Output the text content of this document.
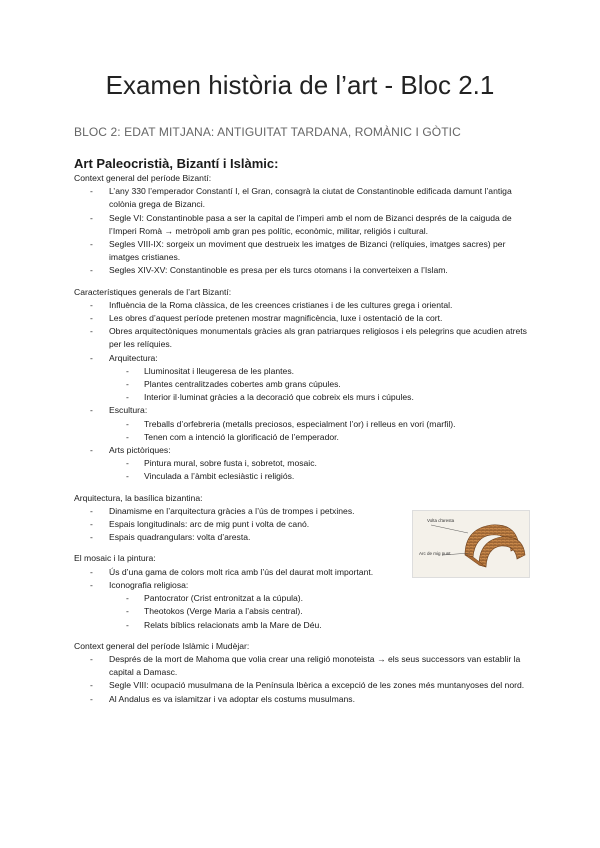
Examen història de l’art - Bloc 2.1

BLOC 2: EDAT MITJANA: ANTIGUITAT TARDANA, ROMÀNIC I GÒTIC

Art Paleocristià, Bizantí i Islàmic:

Context general del període Bizantí:

- L’any 330 l’emperador Constantí I, el Gran, consagrà la ciutat de Constantinoble edificada damunt l’antiga colònia grega de Bizanci.
- Segle VI: Constantinoble pasa a ser la capital de l’imperi amb el nom de Bizanci després de la caiguda de l’Imperi Romà → metròpoli amb gran pes polític, econòmic, militar, religiós i cultural.
- Segles VIII-IX: sorgeix un moviment que destrueix les imatges de Bizanci (relíquies, imatges sacres) per imatges cristianes.
- Segles XIV-XV: Constantinoble es presa per els turcs otomans i la converteixen a l’Islam.

Característiques generals de l’art Bizantí:

- Influència de la Roma clàssica, de les creences cristianes i de les cultures grega i oriental.
- Les obres d’aquest període pretenen mostrar magnificència, luxe i ostentació de la cort.
- Obres arquitectòniques monumentals gràcies als gran patriarques religiosos i els pelegrins que acudien atrets per les relíquies.
- Arquitectura:
- Lluminositat i lleugeresa de les plantes.
- Plantes centralitzades cobertes amb grans cúpules.
- Interior il·luminat gràcies a la decoració que cobreix els murs i cúpules.
- Escultura:
- Treballs d’orfebreria (metalls preciosos, especialment l’or) i relleus en vori (marfil).
- Tenen com a intenció la glorificació de l’emperador.
- Arts pictòriques:
- Pintura mural, sobre fusta i, sobretot, mosaic.
- Vinculada a l’àmbit eclesiàstic i religiós.

Arquitectura, la basílica bizantina:

- Dinamisme en l’arquitectura gràcies a l’ús de trompes i petxines.
- Espais longitudinals: arc de mig punt i volta de canó.
- Espais quadrangulars: volta d’aresta.

El mosaic i la pintura:

- Ús d’una gama de colors molt rica amb l’ús del daurat molt important.
- Iconografia religiosa:
- Pantocrator (Crist entronitzat a la cúpula).
- Theotokos (Verge Maria a l’absis central).
- Relats bíblics relacionats amb la Mare de Déu.

Context general del període Islàmic i Mudèjar:

- Després de la mort de Mahoma que volia crear una religió monoteista → els seus successors van establir la capital a Damasc.
- Segle VIII: ocupació musulmana de la Península Ibèrica a excepció de les zones més muntanyoses del nord.
- Al Andalus es va islamitzar i va adoptar els costums musulmans.
Volta d'aresta
Arc de mig punt
